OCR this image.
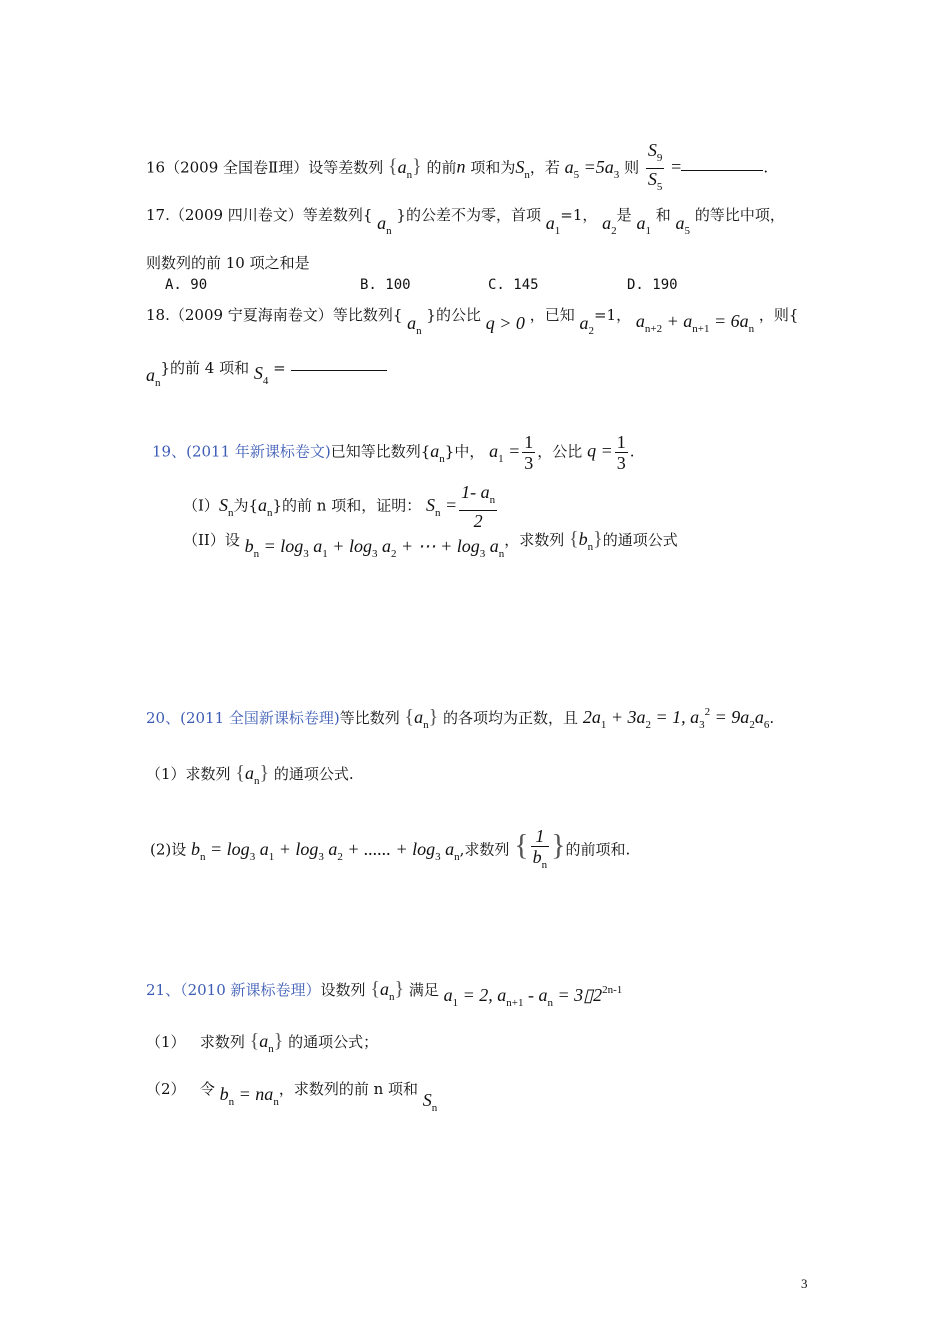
16（2009 全国卷Ⅱ理）设等差数列 $\{a_n\}$ 的前n 项和为$S_n$，若 $a_5 =5a_3$ 则 $\frac{S_9}{S_5}$ =	.
17.（2009 四川卷文）等差数列{ $a_n$ }的公差不为零，首项 $a_1=1$， $a_2$是 $a_1$ 和 $a_5$ 的等比中项，
则数列的前 10 项之和是
A. 90	B. 100	C. 145	D. 190
18.（2009 宁夏海南卷文）等比数列{ $a_n$ }的公比 q > 0 ，已知 $a_2=1$， $a_{n+2} + a_{n+1} = 6a_n$ ，则{
$a_n$}的前 4 项和 $S_4$ =
19、(2011 年新课标卷文)已知等比数列$\{a_n\}$中， $a_1 = \frac{1}{3}$ ，公比 $q = \frac{1}{3}$ .
$(I)S_n$为$\{a_n\}$的前 n 项和，证明： $S_n = \frac{1- a_n}{2}$
（II）设 $b_n = \log_3 a_1 + \log_3 a_2$ + ⋯ + $\log_3 a_n$，求数列 $\{b_n\}$的通项公式
20、(2011 全国新课标卷理)等比数列 $\{a_n\}$ 的各项均为正数，且 $2a_1 + 3a_2 = 1$, $a_3^2 = 9a_2a_6$.
（1）求数列 $\{a_n\}$ 的通项公式.
(2)设 $b_n = \log_3 a_1 + \log_3 a_2$ + ...... + $\log_3 a_n$,求数列 { $\frac{1}{b_n}$ }的前项和.
21、（2010 新课标卷理）设数列 $\{a_n\}$ 满足 $a_1 = 2$, $a_{n+1} - a_n$ = $3▯2^{2n-1}$
（1） 求数列 $\{a_n\}$ 的通项公式；
（2） 令 $b_n = na_n$，求数列的前 n 项和 $S_n$
3
